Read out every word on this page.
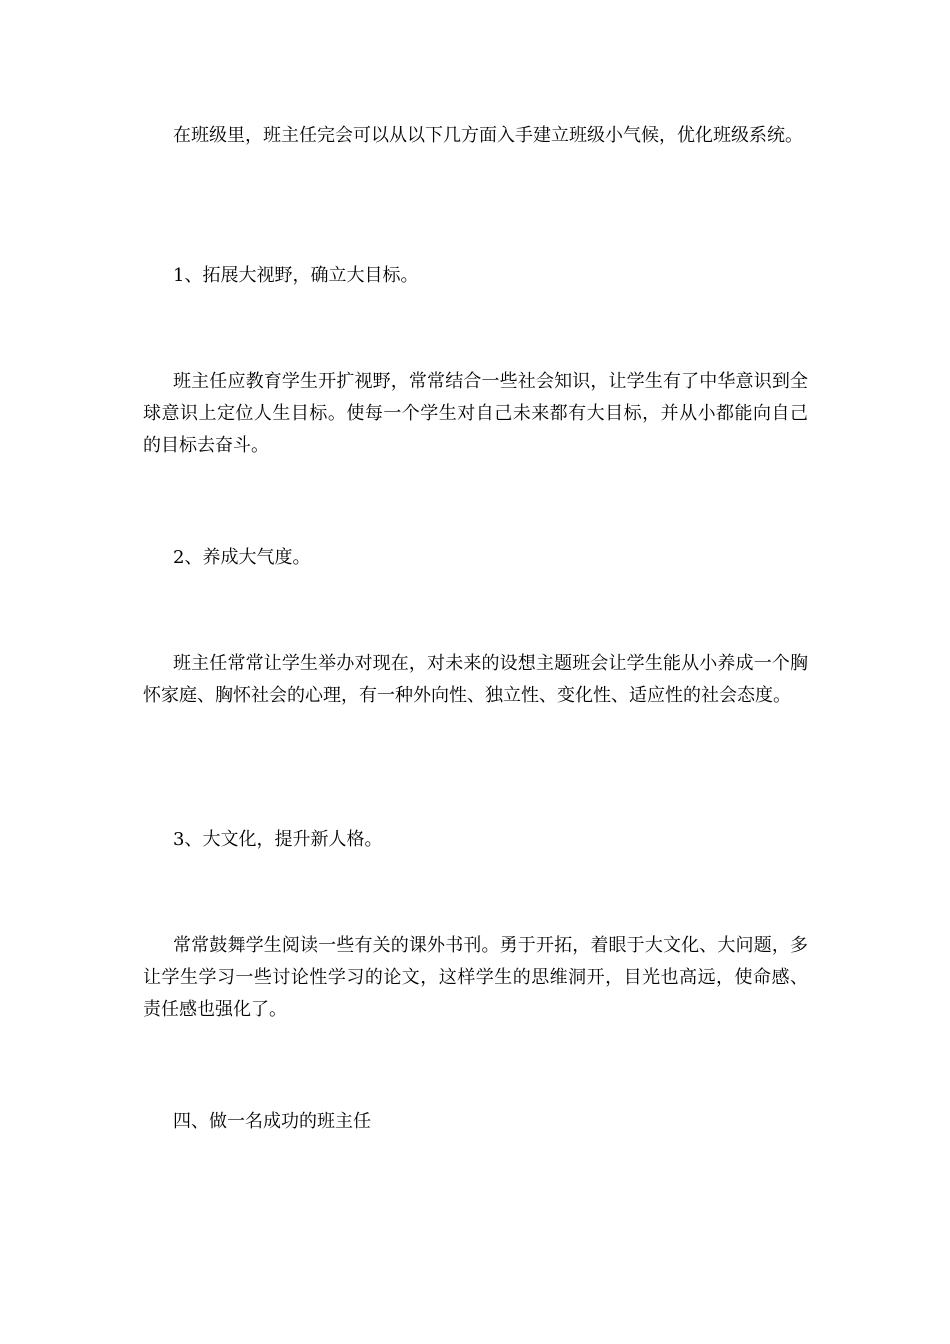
在班级里，班主任完会可以从以下几方面入手建立班级小气候，优化班级系统。

1、拓展大视野，确立大目标。

班主任应教育学生开扩视野，常常结合一些社会知识，让学生有了中华意识到全球意识上定位人生目标。使每一个学生对自己未来都有大目标，并从小都能向自己的目标去奋斗。

2、养成大气度。

班主任常常让学生举办对现在，对未来的设想主题班会让学生能从小养成一个胸怀家庭、胸怀社会的心理，有一种外向性、独立性、变化性、适应性的社会态度。

3、大文化，提升新人格。

常常鼓舞学生阅读一些有关的课外书刊。勇于开拓，着眼于大文化、大问题，多让学生学习一些讨论性学习的论文，这样学生的思维洞开，目光也高远，使命感、责任感也强化了。

四、做一名成功的班主任
